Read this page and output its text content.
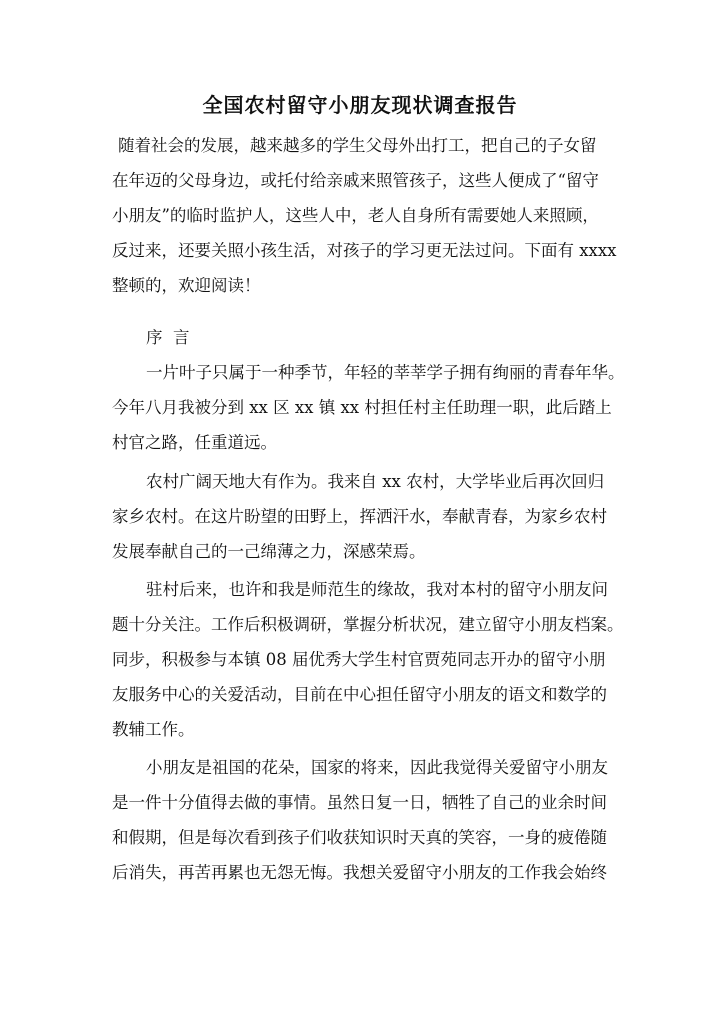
全国农村留守小朋友现状调查报告
随着社会的发展，越来越多的学生父母外出打工，把自己的子女留
在年迈的父母身边，或托付给亲戚来照管孩子，这些人便成了“留守
小朋友”的临时监护人，这些人中，老人自身所有需要她人来照顾，
反过来，还要关照小孩生活，对孩子的学习更无法过问。下面有 xxxx
整顿的，欢迎阅读！
序  言
一片叶子只属于一种季节，年轻的莘莘学子拥有绚丽的青春年华。
今年八月我被分到 xx 区 xx 镇 xx 村担任村主任助理一职，此后踏上
村官之路，任重道远。
农村广阔天地大有作为。我来自 xx 农村，大学毕业后再次回归
家乡农村。在这片盼望的田野上，挥洒汗水，奉献青春，为家乡农村
发展奉献自己的一己绵薄之力，深感荣焉。
驻村后来，也许和我是师范生的缘故，我对本村的留守小朋友问
题十分关注。工作后积极调研，掌握分析状况，建立留守小朋友档案。
同步，积极参与本镇 08 届优秀大学生村官贾苑同志开办的留守小朋
友服务中心的关爱活动，目前在中心担任留守小朋友的语文和数学的
教辅工作。
小朋友是祖国的花朵，国家的将来，因此我觉得关爱留守小朋友
是一件十分值得去做的事情。虽然日复一日，牺牲了自己的业余时间
和假期，但是每次看到孩子们收获知识时天真的笑容，一身的疲倦随
后消失，再苦再累也无怨无悔。我想关爱留守小朋友的工作我会始终
